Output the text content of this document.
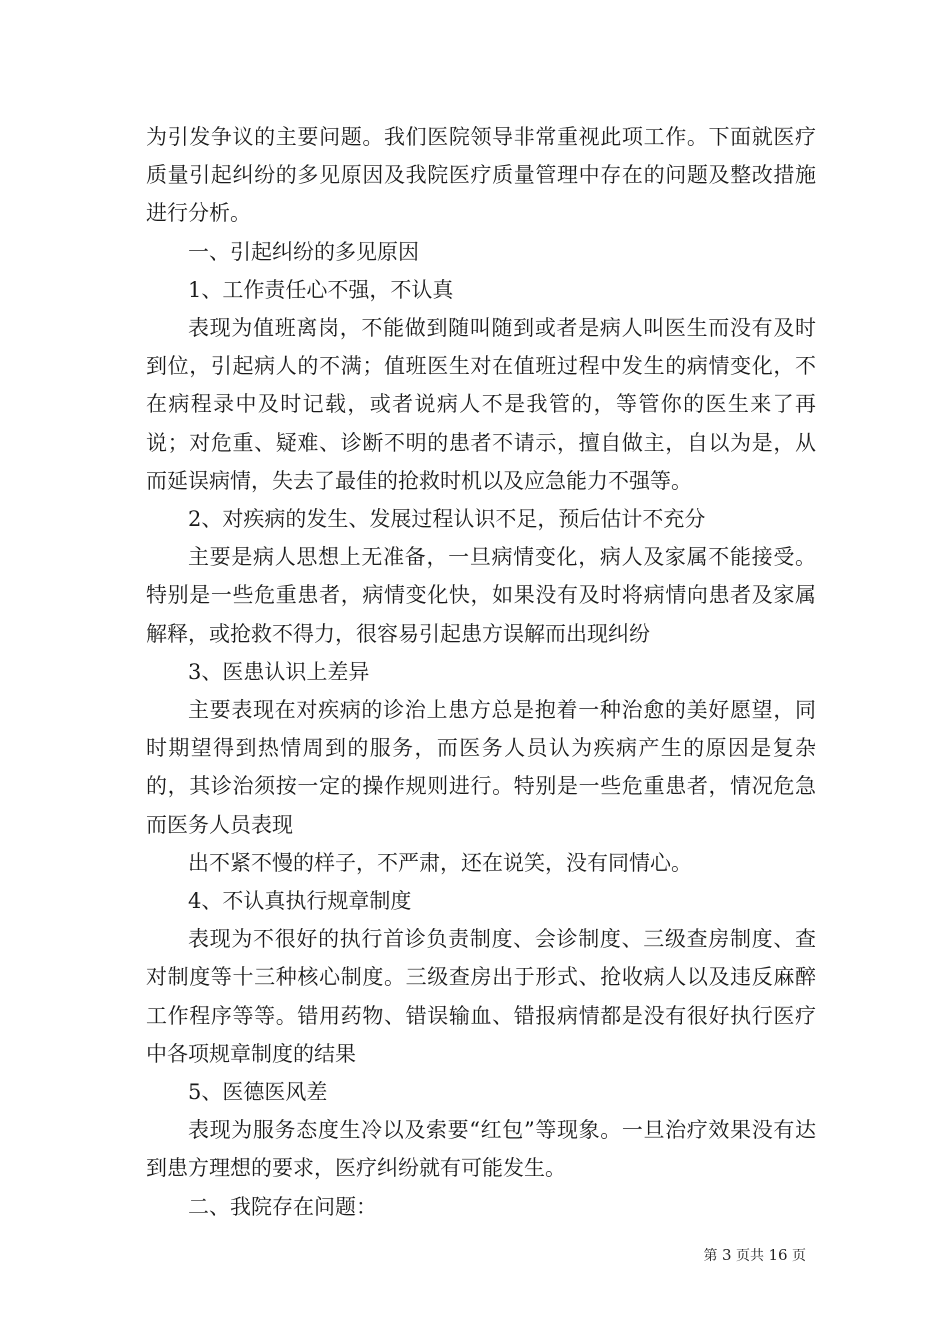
为引发争议的主要问题。我们医院领导非常重视此项工作。下面就医疗质量引起纠纷的多见原因及我院医疗质量管理中存在的问题及整改措施进行分析。

一、引起纠纷的多见原因

1、工作责任心不强，不认真

表现为值班离岗，不能做到随叫随到或者是病人叫医生而没有及时到位，引起病人的不满；值班医生对在值班过程中发生的病情变化，不在病程录中及时记载，或者说病人不是我管的，等管你的医生来了再说；对危重、疑难、诊断不明的患者不请示，擅自做主，自以为是，从而延误病情，失去了最佳的抢救时机以及应急能力不强等。

2、对疾病的发生、发展过程认识不足，预后估计不充分

主要是病人思想上无准备，一旦病情变化，病人及家属不能接受。特别是一些危重患者，病情变化快，如果没有及时将病情向患者及家属解释，或抢救不得力，很容易引起患方误解而出现纠纷

3、医患认识上差异

主要表现在对疾病的诊治上患方总是抱着一种治愈的美好愿望，同时期望得到热情周到的服务，而医务人员认为疾病产生的原因是复杂的，其诊治须按一定的操作规则进行。特别是一些危重患者，情况危急而医务人员表现

出不紧不慢的样子，不严肃，还在说笑，没有同情心。

4、不认真执行规章制度

表现为不很好的执行首诊负责制度、会诊制度、三级查房制度、查对制度等十三种核心制度。三级查房出于形式、抢收病人以及违反麻醉工作程序等等。错用药物、错误输血、错报病情都是没有很好执行医疗中各项规章制度的结果

5、医德医风差

表现为服务态度生冷以及索要“红包”等现象。一旦治疗效果没有达到患方理想的要求，医疗纠纷就有可能发生。

二、我院存在问题：

第 3 页共 16 页
